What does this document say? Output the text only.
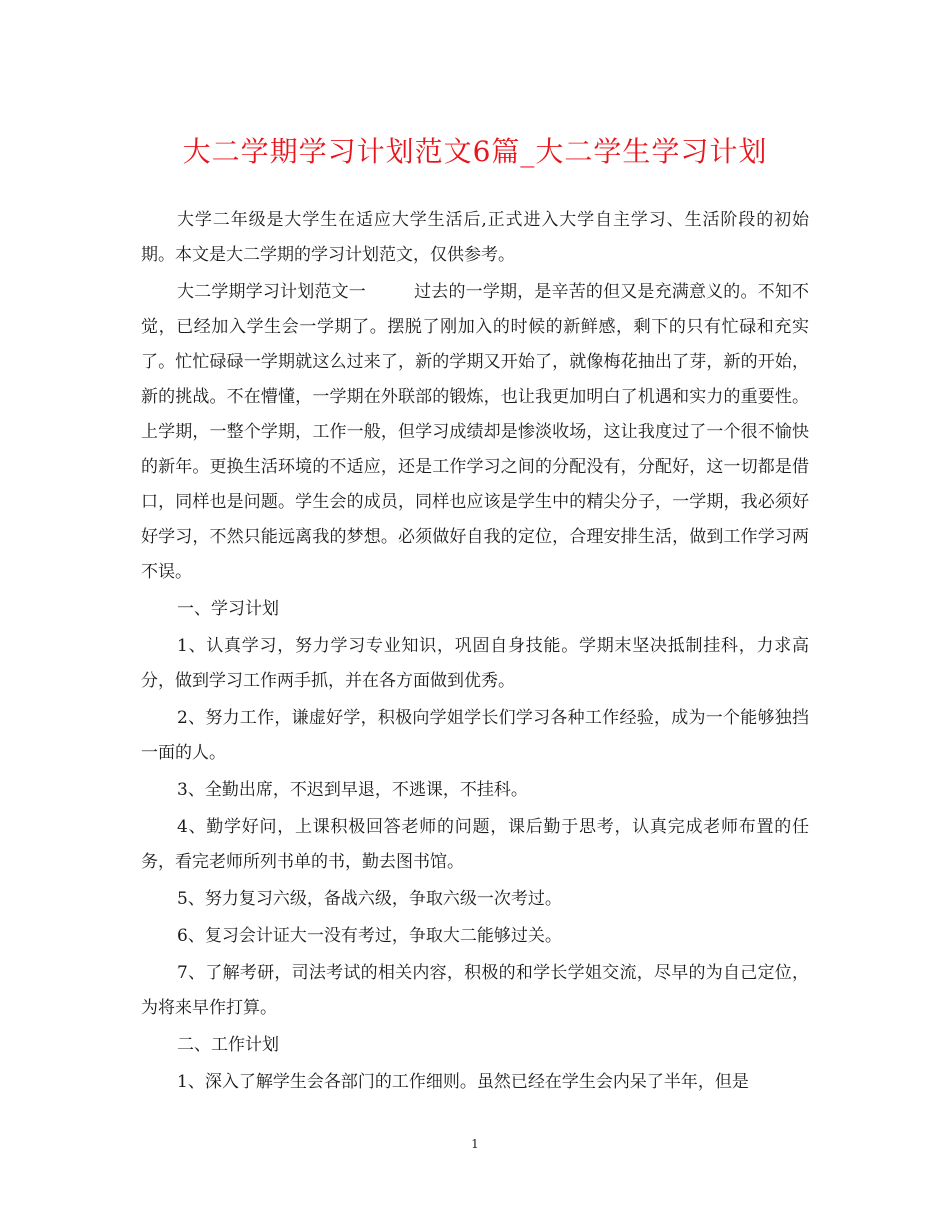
大二学期学习计划范文6篇_大二学生学习计划

大学二年级是大学生在适应大学生活后,正式进入大学自主学习、生活阶段的初始期。本文是大二学期的学习计划范文，仅供参考。

大二学期学习计划范文一	过去的一学期，是辛苦的但又是充满意义的。不知不觉，已经加入学生会一学期了。摆脱了刚加入的时候的新鲜感，剩下的只有忙碌和充实了。忙忙碌碌一学期就这么过来了，新的学期又开始了，就像梅花抽出了芽，新的开始，新的挑战。不在懵懂，一学期在外联部的锻炼，也让我更加明白了机遇和实力的重要性。 上学期，一整个学期，工作一般，但学习成绩却是惨淡收场，这让我度过了一个很不愉快的新年。更换生活环境的不适应，还是工作学习之间的分配没有，分配好，这一切都是借口，同样也是问题。学生会的成员，同样也应该是学生中的精尖分子，一学期，我必须好好学习，不然只能远离我的梦想。必须做好自我的定位，合理安排生活，做到工作学习两不误。

一、学习计划

1、认真学习，努力学习专业知识，巩固自身技能。学期末坚决抵制挂科，力求高分，做到学习工作两手抓，并在各方面做到优秀。

2、努力工作，谦虚好学，积极向学姐学长们学习各种工作经验，成为一个能够独挡一面的人。

3、全勤出席，不迟到早退，不逃课，不挂科。

4、勤学好问，上课积极回答老师的问题，课后勤于思考，认真完成老师布置的任务，看完老师所列书单的书，勤去图书馆。

5、努力复习六级，备战六级，争取六级一次考过。

6、复习会计证大一没有考过，争取大二能够过关。

7、了解考研，司法考试的相关内容，积极的和学长学姐交流，尽早的为自己定位，为将来早作打算。

二、工作计划

1、深入了解学生会各部门的工作细则。虽然已经在学生会内呆了半年，但是

1
